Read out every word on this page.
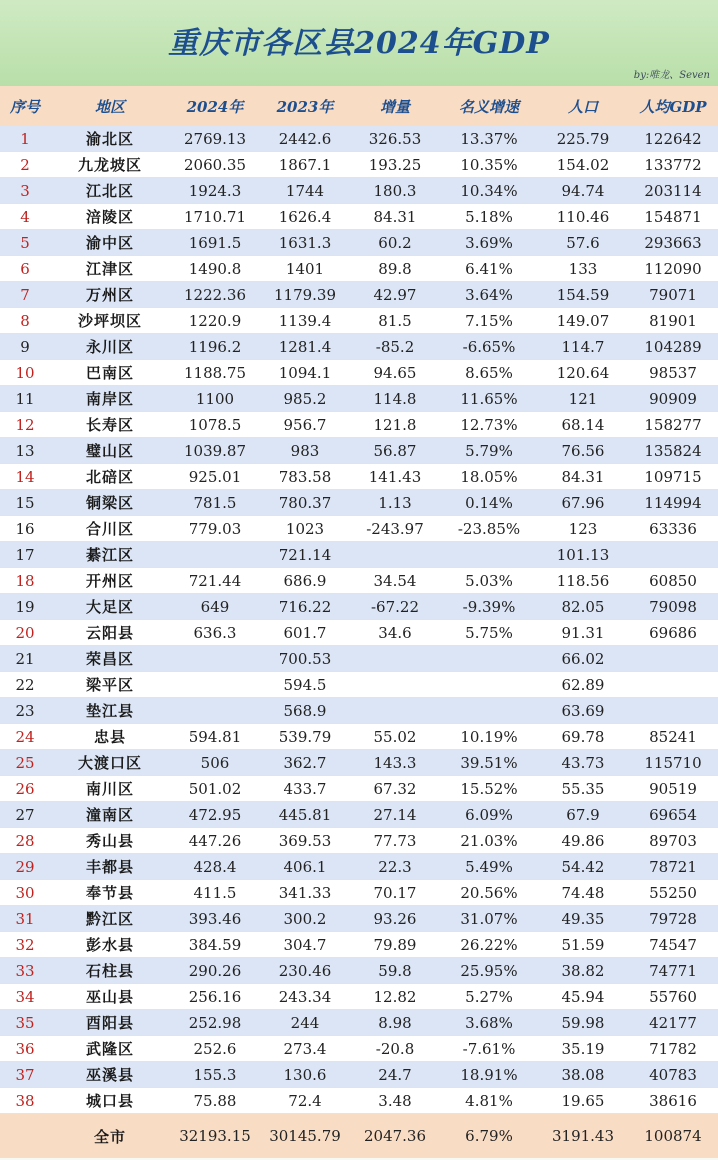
重庆市各区县2024年GDP
by:唯龙、Seven
序号	地区	2024年	2023年	增量	名义增速	人口	人均GDP
1	渝北区	2769.13	2442.6	326.53	13.37%	225.79	122642
2	九龙坡区	2060.35	1867.1	193.25	10.35%	154.02	133772
3	江北区	1924.3	1744	180.3	10.34%	94.74	203114
4	涪陵区	1710.71	1626.4	84.31	5.18%	110.46	154871
5	渝中区	1691.5	1631.3	60.2	3.69%	57.6	293663
6	江津区	1490.8	1401	89.8	6.41%	133	112090
7	万州区	1222.36	1179.39	42.97	3.64%	154.59	79071
8	沙坪坝区	1220.9	1139.4	81.5	7.15%	149.07	81901
9	永川区	1196.2	1281.4	-85.2	-6.65%	114.7	104289
10	巴南区	1188.75	1094.1	94.65	8.65%	120.64	98537
11	南岸区	1100	985.2	114.8	11.65%	121	90909
12	长寿区	1078.5	956.7	121.8	12.73%	68.14	158277
13	璧山区	1039.87	983	56.87	5.79%	76.56	135824
14	北碚区	925.01	783.58	141.43	18.05%	84.31	109715
15	铜梁区	781.5	780.37	1.13	0.14%	67.96	114994
16	合川区	779.03	1023	-243.97	-23.85%	123	63336
17	綦江区		721.14			101.13	
18	开州区	721.44	686.9	34.54	5.03%	118.56	60850
19	大足区	649	716.22	-67.22	-9.39%	82.05	79098
20	云阳县	636.3	601.7	34.6	5.75%	91.31	69686
21	荣昌区		700.53			66.02	
22	梁平区		594.5			62.89	
23	垫江县		568.9			63.69	
24	忠县	594.81	539.79	55.02	10.19%	69.78	85241
25	大渡口区	506	362.7	143.3	39.51%	43.73	115710
26	南川区	501.02	433.7	67.32	15.52%	55.35	90519
27	潼南区	472.95	445.81	27.14	6.09%	67.9	69654
28	秀山县	447.26	369.53	77.73	21.03%	49.86	89703
29	丰都县	428.4	406.1	22.3	5.49%	54.42	78721
30	奉节县	411.5	341.33	70.17	20.56%	74.48	55250
31	黔江区	393.46	300.2	93.26	31.07%	49.35	79728
32	彭水县	384.59	304.7	79.89	26.22%	51.59	74547
33	石柱县	290.26	230.46	59.8	25.95%	38.82	74771
34	巫山县	256.16	243.34	12.82	5.27%	45.94	55760
35	酉阳县	252.98	244	8.98	3.68%	59.98	42177
36	武隆区	252.6	273.4	-20.8	-7.61%	35.19	71782
37	巫溪县	155.3	130.6	24.7	18.91%	38.08	40783
38	城口县	75.88	72.4	3.48	4.81%	19.65	38616
	全市	32193.15	30145.79	2047.36	6.79%	3191.43	100874
